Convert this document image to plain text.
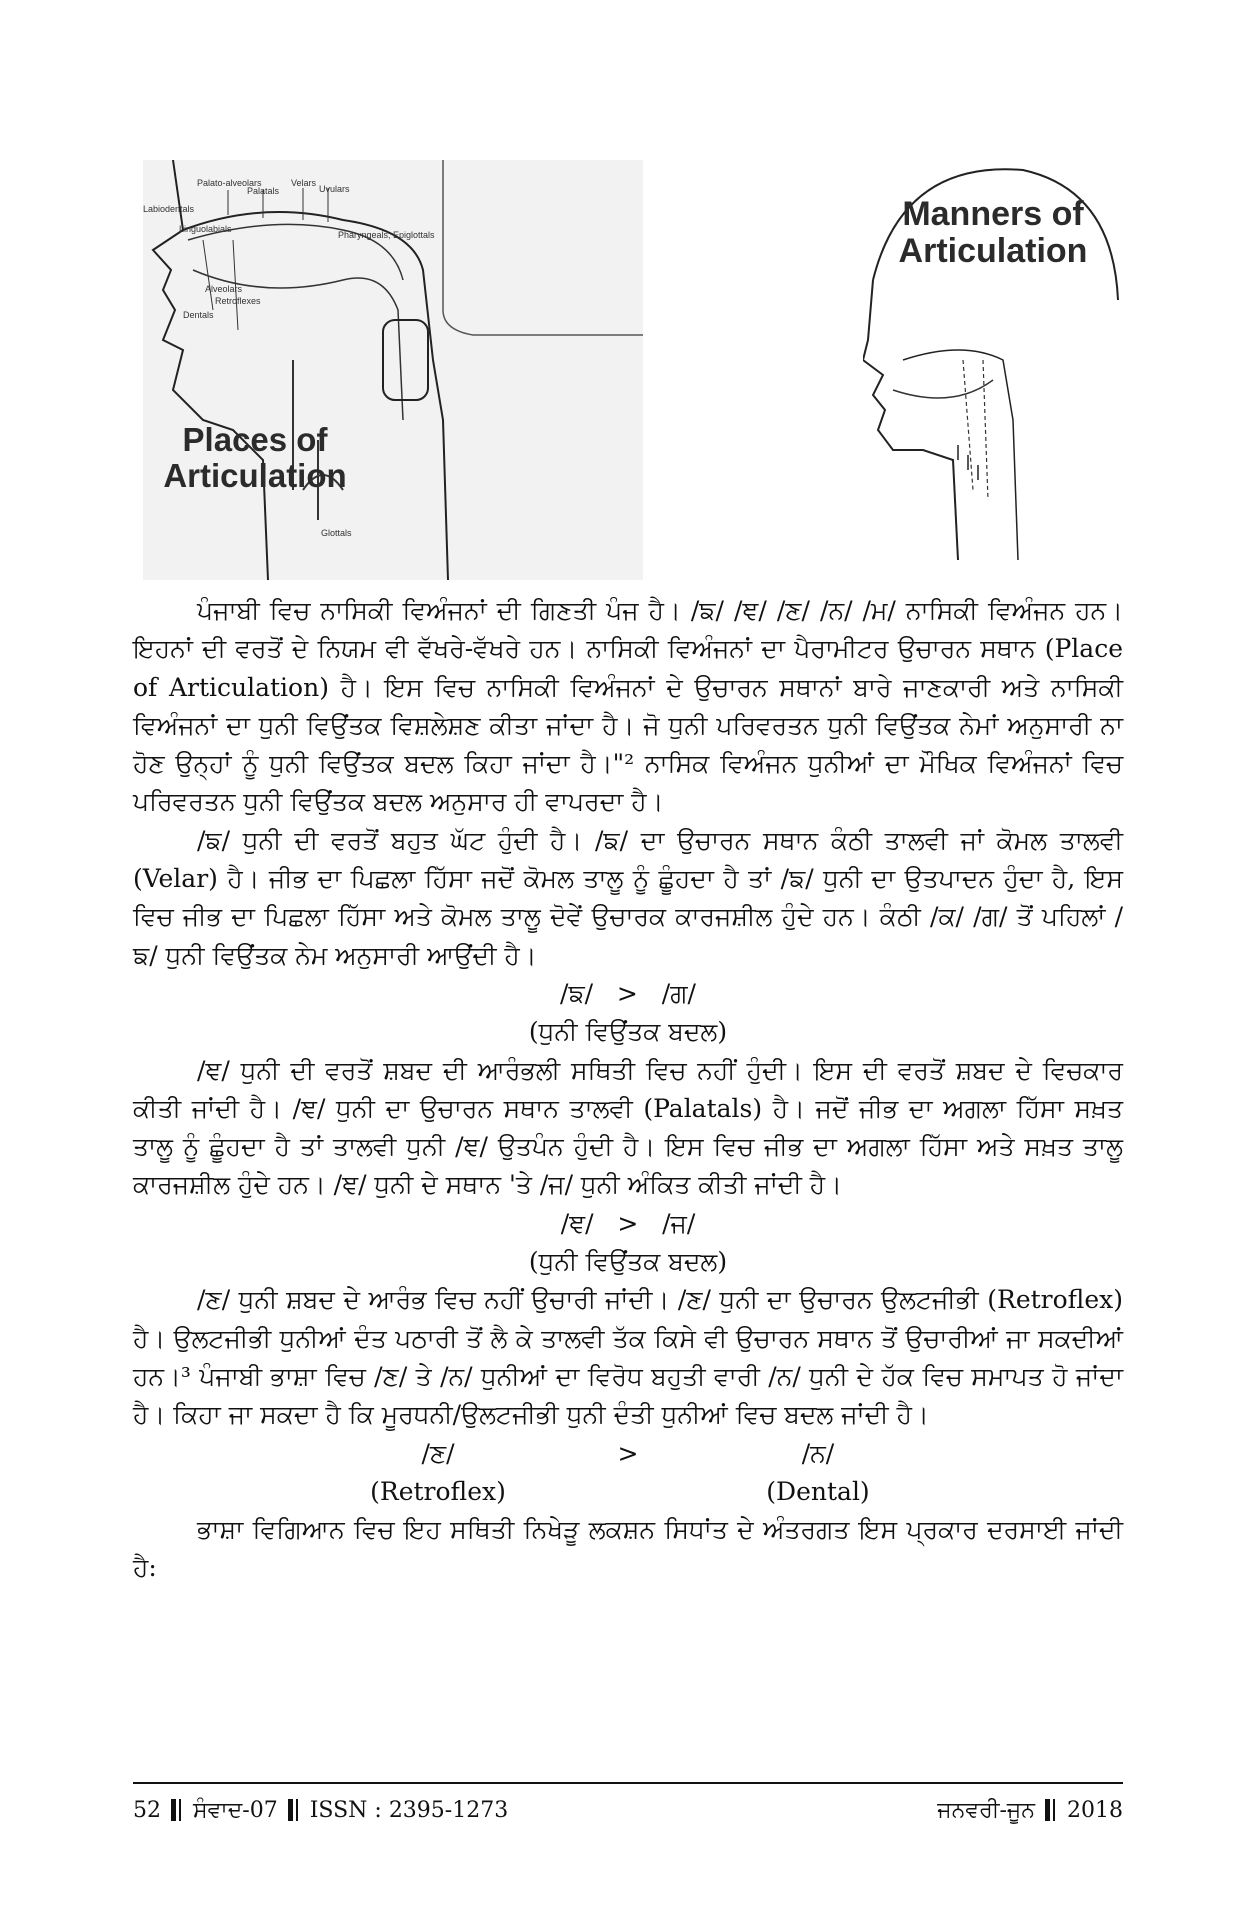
Palato-alveolars
Palatals
Velars
Uvulars
Labiodentals
Linguolabials
Pharyngeals, Epiglottals
Alveolars
Retroflexes
Dentals
Glottals
Places of Articulation
Manners of Articulation

ਪੰਜਾਬੀ ਵਿਚ ਨਾਸਿਕੀ ਵਿਅੰਜਨਾਂ ਦੀ ਗਿਣਤੀ ਪੰਜ ਹੈ। /ਙ/ /ਞ/ /ਣ/ /ਨ/ /ਮ/ ਨਾਸਿਕੀ ਵਿਅੰਜਨ ਹਨ। ਇਹਨਾਂ ਦੀ ਵਰਤੋਂ ਦੇ ਨਿਯਮ ਵੀ ਵੱਖਰੇ-ਵੱਖਰੇ ਹਨ। ਨਾਸਿਕੀ ਵਿਅੰਜਨਾਂ ਦਾ ਪੈਰਾਮੀਟਰ ਉਚਾਰਨ ਸਥਾਨ (Place of Articulation) ਹੈ। ਇਸ ਵਿਚ ਨਾਸਿਕੀ ਵਿਅੰਜਨਾਂ ਦੇ ਉਚਾਰਨ ਸਥਾਨਾਂ ਬਾਰੇ ਜਾਣਕਾਰੀ ਅਤੇ ਨਾਸਿਕੀ ਵਿਅੰਜਨਾਂ ਦਾ ਧੁਨੀ ਵਿਉਂਤਕ ਵਿਸ਼ਲੇਸ਼ਣ ਕੀਤਾ ਜਾਂਦਾ ਹੈ। ਜੋ ਧੁਨੀ ਪਰਿਵਰਤਨ ਧੁਨੀ ਵਿਉਂਤਕ ਨੇਮਾਂ ਅਨੁਸਾਰੀ ਨਾ ਹੋਣ ਉਨ੍ਹਾਂ ਨੂੰ ਧੁਨੀ ਵਿਉਂਤਕ ਬਦਲ ਕਿਹਾ ਜਾਂਦਾ ਹੈ।"² ਨਾਸਿਕ ਵਿਅੰਜਨ ਧੁਨੀਆਂ ਦਾ ਮੌਖਿਕ ਵਿਅੰਜਨਾਂ ਵਿਚ ਪਰਿਵਰਤਨ ਧੁਨੀ ਵਿਉਂਤਕ ਬਦਲ ਅਨੁਸਾਰ ਹੀ ਵਾਪਰਦਾ ਹੈ।

/ਙ/ ਧੁਨੀ ਦੀ ਵਰਤੋਂ ਬਹੁਤ ਘੱਟ ਹੁੰਦੀ ਹੈ। /ਙ/ ਦਾ ਉਚਾਰਨ ਸਥਾਨ ਕੰਠੀ ਤਾਲਵੀ ਜਾਂ ਕੋਮਲ ਤਾਲਵੀ (Velar) ਹੈ। ਜੀਭ ਦਾ ਪਿਛਲਾ ਹਿੱਸਾ ਜਦੋਂ ਕੋਮਲ ਤਾਲੂ ਨੂੰ ਛੂੰਹਦਾ ਹੈ ਤਾਂ /ਙ/ ਧੁਨੀ ਦਾ ਉਤਪਾਦਨ ਹੁੰਦਾ ਹੈ, ਇਸ ਵਿਚ ਜੀਭ ਦਾ ਪਿਛਲਾ ਹਿੱਸਾ ਅਤੇ ਕੋਮਲ ਤਾਲੂ ਦੋਵੇਂ ਉਚਾਰਕ ਕਾਰਜਸ਼ੀਲ ਹੁੰਦੇ ਹਨ। ਕੰਠੀ /ਕ/ /ਗ/ ਤੋਂ ਪਹਿਲਾਂ /ਙ/ ਧੁਨੀ ਵਿਉਂਤਕ ਨੇਮ ਅਨੁਸਾਰੀ ਆਉਂਦੀ ਹੈ।

/ਙ/   >   /ਗ/

(ਧੁਨੀ ਵਿਉਂਤਕ ਬਦਲ)

/ਞ/ ਧੁਨੀ ਦੀ ਵਰਤੋਂ ਸ਼ਬਦ ਦੀ ਆਰੰਭਲੀ ਸਥਿਤੀ ਵਿਚ ਨਹੀਂ ਹੁੰਦੀ। ਇਸ ਦੀ ਵਰਤੋਂ ਸ਼ਬਦ ਦੇ ਵਿਚਕਾਰ ਕੀਤੀ ਜਾਂਦੀ ਹੈ। /ਞ/ ਧੁਨੀ ਦਾ ਉਚਾਰਨ ਸਥਾਨ ਤਾਲਵੀ (Palatals) ਹੈ। ਜਦੋਂ ਜੀਭ ਦਾ ਅਗਲਾ ਹਿੱਸਾ ਸਖ਼ਤ ਤਾਲੂ ਨੂੰ ਛੂੰਹਦਾ ਹੈ ਤਾਂ ਤਾਲਵੀ ਧੁਨੀ /ਞ/ ਉਤਪੰਨ ਹੁੰਦੀ ਹੈ। ਇਸ ਵਿਚ ਜੀਭ ਦਾ ਅਗਲਾ ਹਿੱਸਾ ਅਤੇ ਸਖ਼ਤ ਤਾਲੂ ਕਾਰਜਸ਼ੀਲ ਹੁੰਦੇ ਹਨ। /ਞ/ ਧੁਨੀ ਦੇ ਸਥਾਨ 'ਤੇ /ਜ/ ਧੁਨੀ ਅੰਕਿਤ ਕੀਤੀ ਜਾਂਦੀ ਹੈ।

/ਞ/   >   /ਜ/

(ਧੁਨੀ ਵਿਉਂਤਕ ਬਦਲ)

/ਣ/ ਧੁਨੀ ਸ਼ਬਦ ਦੇ ਆਰੰਭ ਵਿਚ ਨਹੀਂ ਉਚਾਰੀ ਜਾਂਦੀ। /ਣ/ ਧੁਨੀ ਦਾ ਉਚਾਰਨ ਉਲਟਜੀਭੀ (Retroflex) ਹੈ। ਉਲਟਜੀਭੀ ਧੁਨੀਆਂ ਦੰਤ ਪਠਾਰੀ ਤੋਂ ਲੈ ਕੇ ਤਾਲਵੀ ਤੱਕ ਕਿਸੇ ਵੀ ਉਚਾਰਨ ਸਥਾਨ ਤੋਂ ਉਚਾਰੀਆਂ ਜਾ ਸਕਦੀਆਂ ਹਨ।³ ਪੰਜਾਬੀ ਭਾਸ਼ਾ ਵਿਚ /ਣ/ ਤੇ /ਨ/ ਧੁਨੀਆਂ ਦਾ ਵਿਰੋਧ ਬਹੁਤੀ ਵਾਰੀ /ਨ/ ਧੁਨੀ ਦੇ ਹੱਕ ਵਿਚ ਸਮਾਪਤ ਹੋ ਜਾਂਦਾ ਹੈ। ਕਿਹਾ ਜਾ ਸਕਦਾ ਹੈ ਕਿ ਮੂਰਧਨੀ/ਉਲਟਜੀਭੀ ਧੁਨੀ ਦੰਤੀ ਧੁਨੀਆਂ ਵਿਚ ਬਦਲ ਜਾਂਦੀ ਹੈ।

/ਣ/	>	/ਨ/
(Retroflex)	(Dental)

ਭਾਸ਼ਾ ਵਿਗਿਆਨ ਵਿਚ ਇਹ ਸਥਿਤੀ ਨਿਖੇੜੂ ਲਕਸ਼ਨ ਸਿਧਾਂਤ ਦੇ ਅੰਤਰਗਤ ਇਸ ਪ੍ਰਕਾਰ ਦਰਸਾਈ ਜਾਂਦੀ ਹੈ:

52 ਸੰਵਾਦ-07 ISSN : 2395-1273	ਜਨਵਰੀ-ਜੂਨ 2018
